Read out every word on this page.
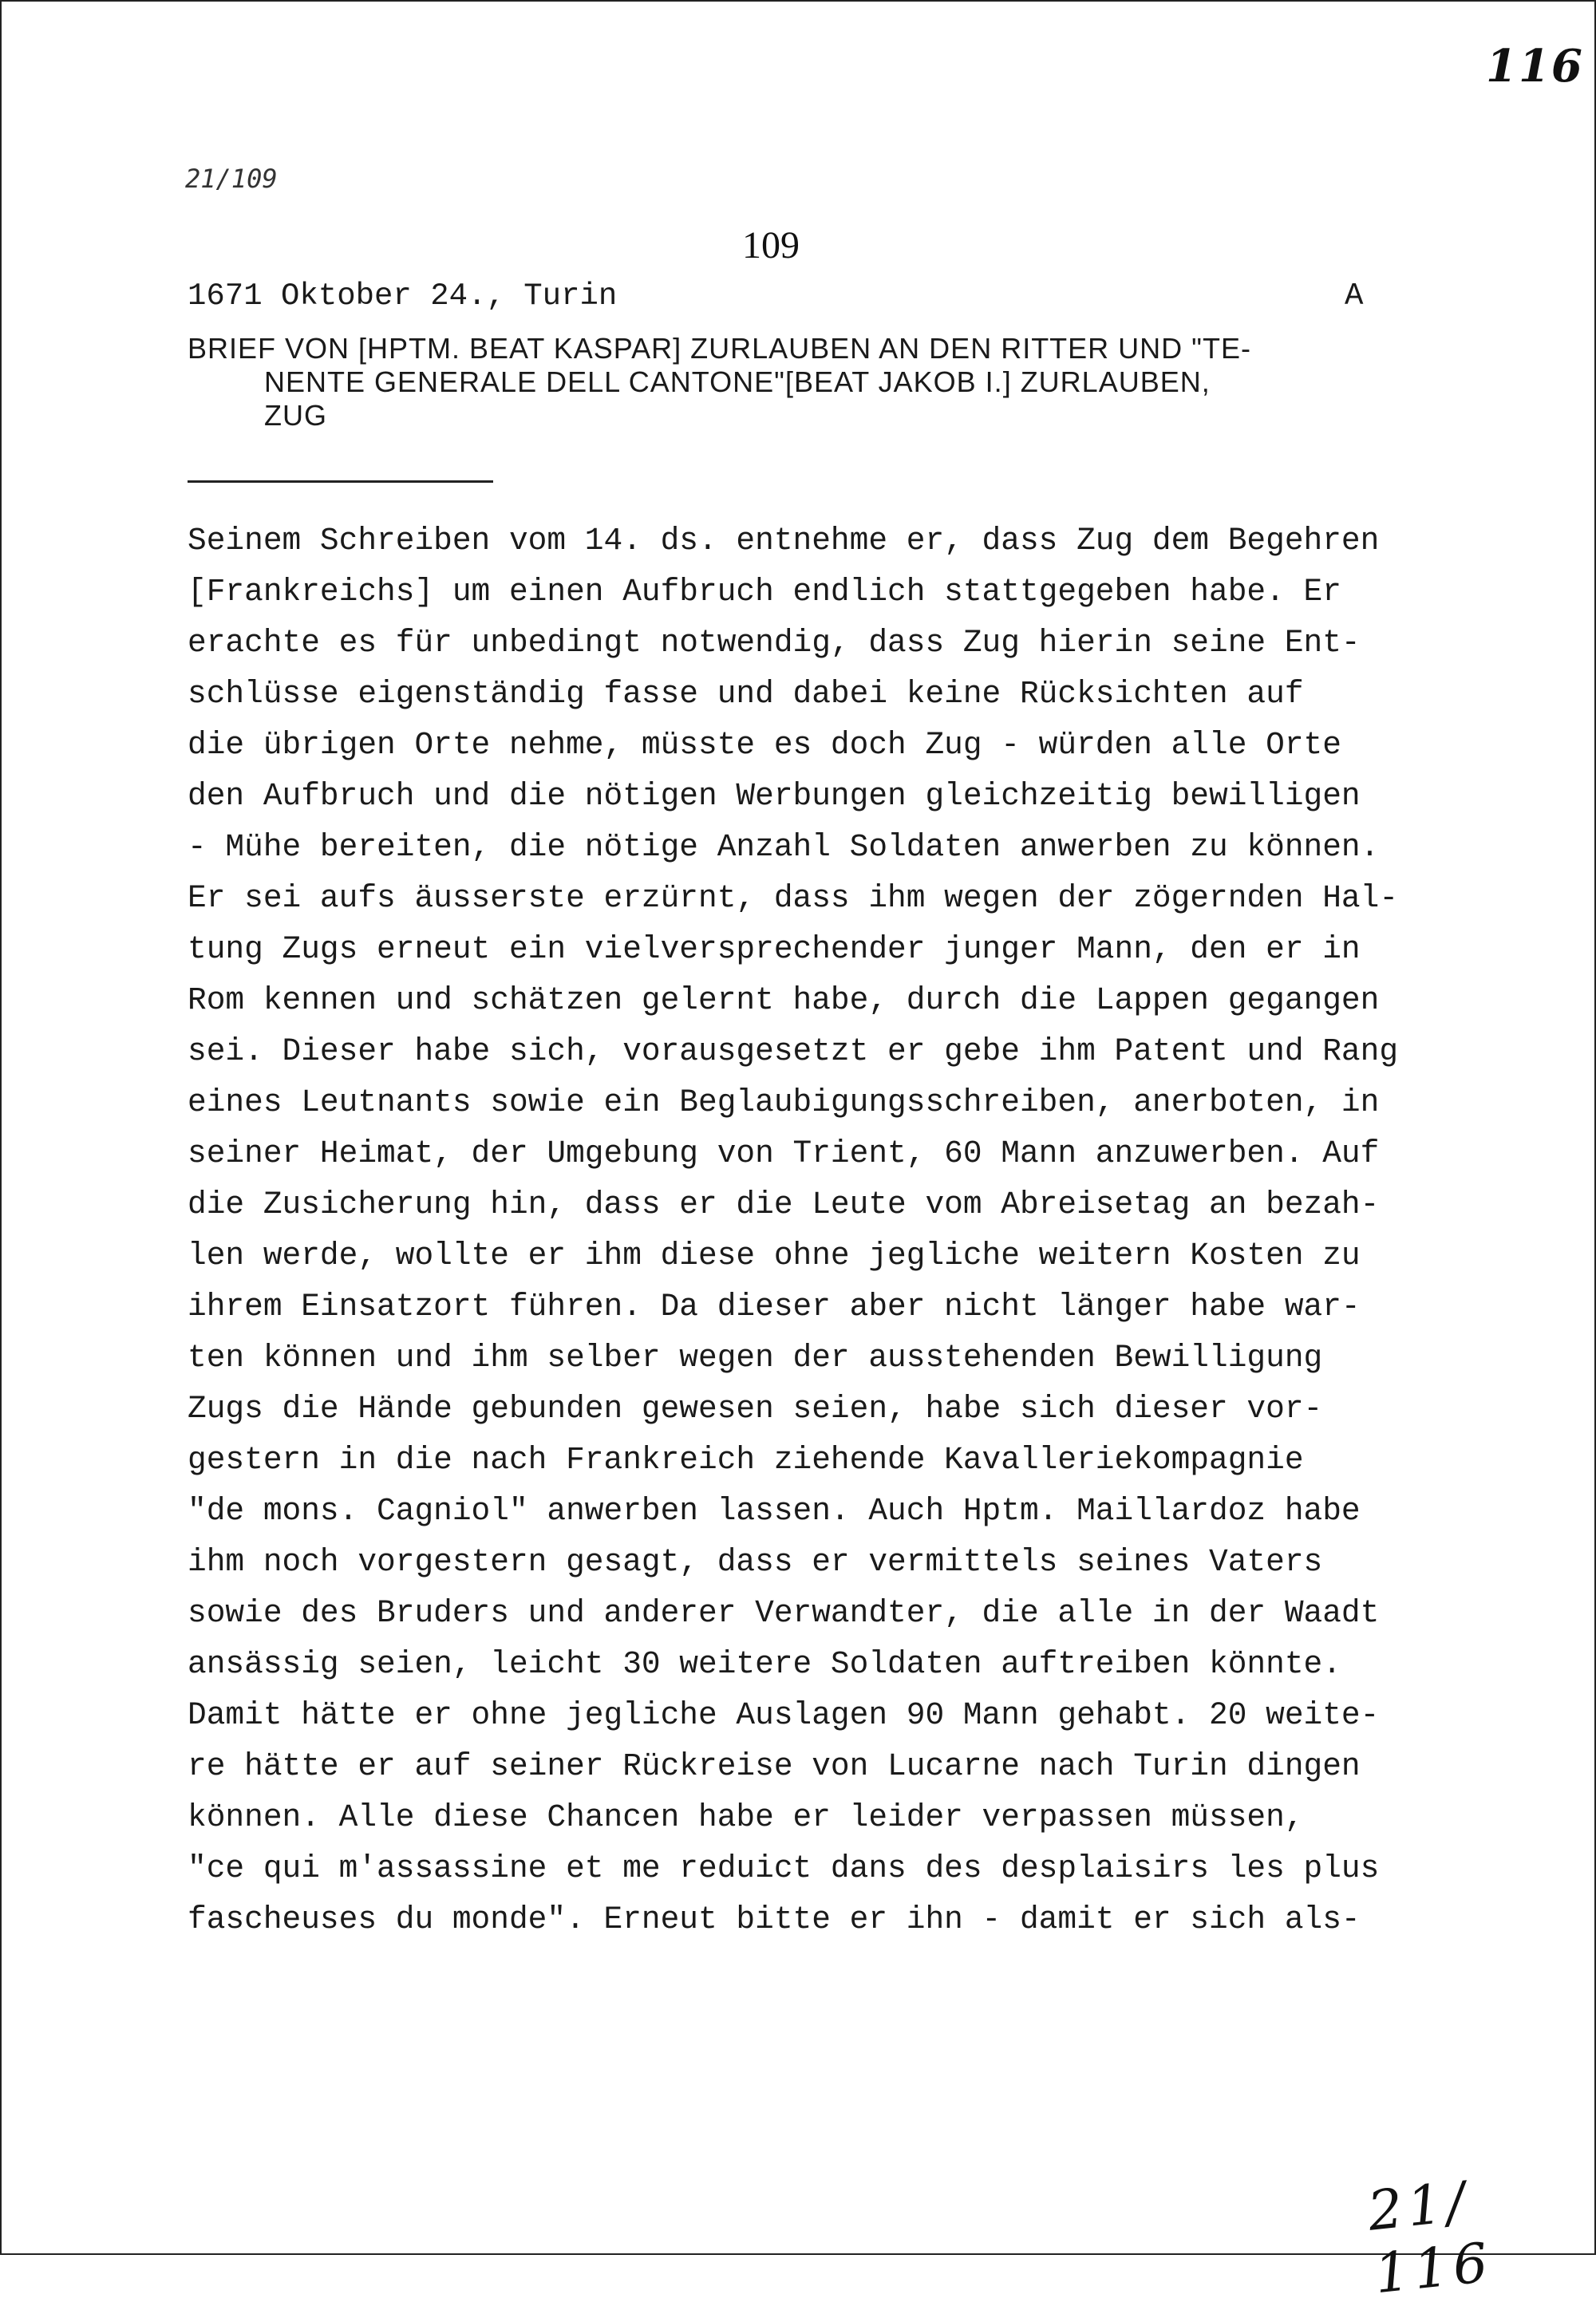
116
21/109
109
1671 Oktober 24., Turin	A
BRIEF VON [HPTM. BEAT KASPAR] ZURLAUBEN AN DEN RITTER UND "TE-
NENTE GENERALE DELL CANTONE"[BEAT JAKOB I.] ZURLAUBEN,
ZUG
Seinem Schreiben vom 14. ds. entnehme er, dass Zug dem Begehren
[Frankreichs] um einen Aufbruch endlich stattgegeben habe. Er
erachte es für unbedingt notwendig, dass Zug hierin seine Ent-
schlüsse eigenständig fasse und dabei keine Rücksichten auf
die übrigen Orte nehme, müsste es doch Zug - würden alle Orte
den Aufbruch und die nötigen Werbungen gleichzeitig bewilligen
- Mühe bereiten, die nötige Anzahl Soldaten anwerben zu können.
Er sei aufs äusserste erzürnt, dass ihm wegen der zögernden Hal-
tung Zugs erneut ein vielversprechender junger Mann, den er in
Rom kennen und schätzen gelernt habe, durch die Lappen gegangen
sei. Dieser habe sich, vorausgesetzt er gebe ihm Patent und Rang
eines Leutnants sowie ein Beglaubigungsschreiben, anerboten, in
seiner Heimat, der Umgebung von Trient, 60 Mann anzuwerben. Auf
die Zusicherung hin, dass er die Leute vom Abreisetag an bezah-
len werde, wollte er ihm diese ohne jegliche weitern Kosten zu
ihrem Einsatzort führen. Da dieser aber nicht länger habe war-
ten können und ihm selber wegen der ausstehenden Bewilligung
Zugs die Hände gebunden gewesen seien, habe sich dieser vor-
gestern in die nach Frankreich ziehende Kavalleriekompagnie
"de mons. Cagniol" anwerben lassen. Auch Hptm. Maillardoz habe
ihm noch vorgestern gesagt, dass er vermittels seines Vaters
sowie des Bruders und anderer Verwandter, die alle in der Waadt
ansässig seien, leicht 30 weitere Soldaten auftreiben könnte.
Damit hätte er ohne jegliche Auslagen 90 Mann gehabt. 20 weite-
re hätte er auf seiner Rückreise von Lucarne nach Turin dingen
können. Alle diese Chancen habe er leider verpassen müssen,
"ce qui m'assassine et me reduict dans des desplaisirs les plus
fascheuses du monde". Erneut bitte er ihn - damit er sich als-
21/ 116
